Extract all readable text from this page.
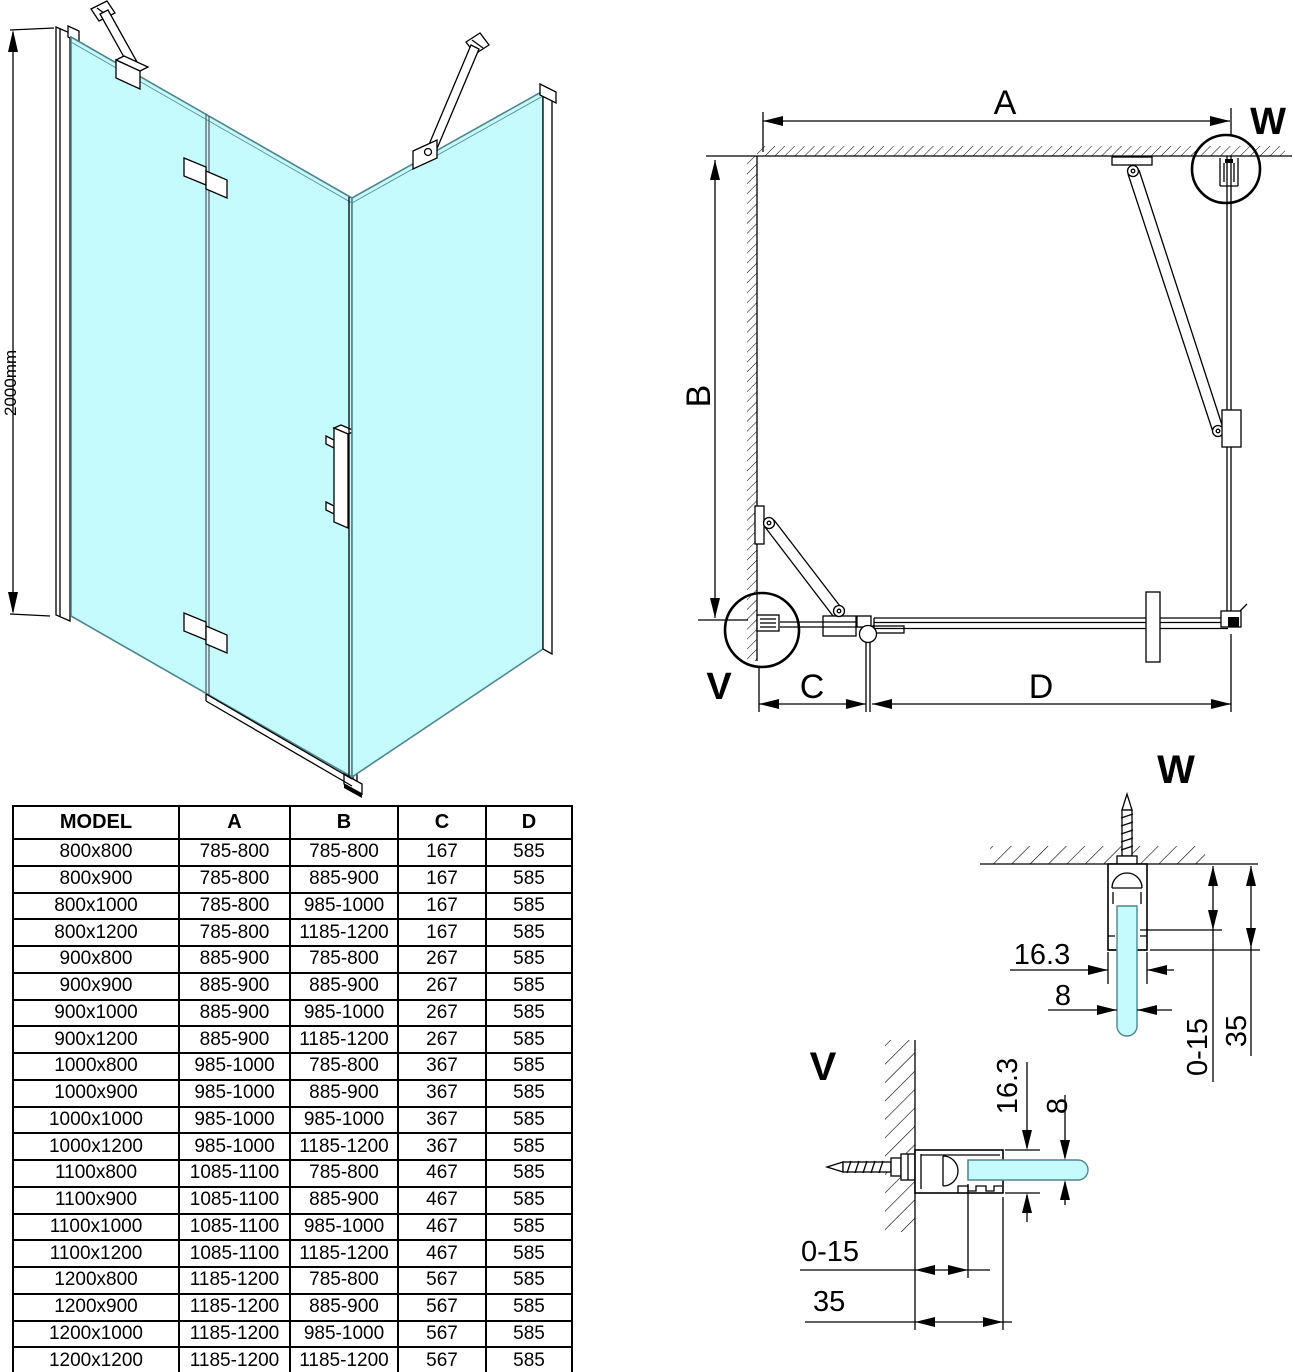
2000mm
A
B
C	D
V
W
W
16.3
8
0-15 35
V	16.3 8
0-15
35
MODEL	A	B	C	D
800x800	785-800	785-800	167	585
800x900	785-800	885-900	167	585
800x1000	785-800	985-1000	167	585
800x1200	785-800	1185-1200	167	585
900x800	885-900	785-800	267	585
900x900	885-900	885-900	267	585
900x1000	885-900	985-1000	267	585
900x1200	885-900	1185-1200	267	585
1000x800	985-1000	785-800	367	585
1000x900	985-1000	885-900	367	585
1000x1000	985-1000	985-1000	367	585
1000x1200	985-1000	1185-1200	367	585
1100x800	1085-1100	785-800	467	585
1100x900	1085-1100	885-900	467	585
1100x1000	1085-1100	985-1000	467	585
1100x1200	1085-1100	1185-1200	467	585
1200x800	1185-1200	785-800	567	585
1200x900	1185-1200	885-900	567	585
1200x1000	1185-1200	985-1000	567	585
1200x1200	1185-1200	1185-1200	567	585
